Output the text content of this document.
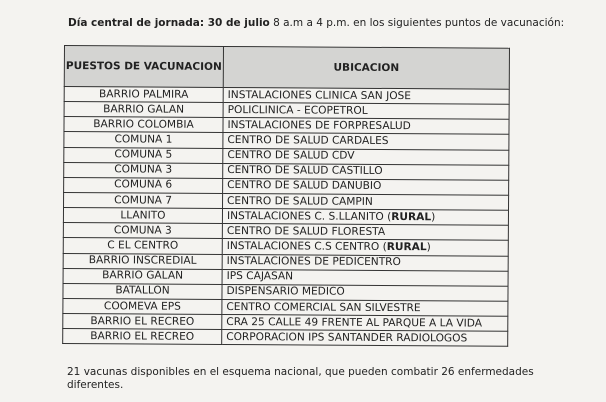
Día central de jornada: 30 de julio 8 a.m a 4 p.m. en los siguientes puntos de vacunación:
PUESTOS DE VACUNACION	UBICACION
BARRIO PALMIRA	INSTALACIONES CLINICA SAN JOSE
BARRIO GALAN	POLICLINICA - ECOPETROL
BARRIO COLOMBIA	INSTALACIONES DE FORPRESALUD
COMUNA 1	CENTRO DE SALUD CARDALES
COMUNA 5	CENTRO DE SALUD CDV
COMUNA 3	CENTRO DE SALUD CASTILLO
COMUNA 6	CENTRO DE SALUD DANUBIO
COMUNA 7	CENTRO DE SALUD CAMPIN
LLANITO	INSTALACIONES C. S.LLANITO (RURAL)
COMUNA 3	CENTRO DE SALUD FLORESTA
C EL CENTRO	INSTALACIONES C.S CENTRO (RURAL)
BARRIO INSCREDIAL	INSTALACIONES DE PEDICENTRO
BARRIO GALAN	IPS CAJASAN
BATALLON	DISPENSARIO MEDICO
COOMEVA EPS	CENTRO COMERCIAL SAN SILVESTRE
BARRIO EL RECREO	CRA 25 CALLE 49 FRENTE AL PARQUE A LA VIDA
BARRIO EL RECREO	CORPORACION IPS SANTANDER RADIOLOGOS
21 vacunas disponibles en el esquema nacional, que pueden combatir 26 enfermedades diferentes.
